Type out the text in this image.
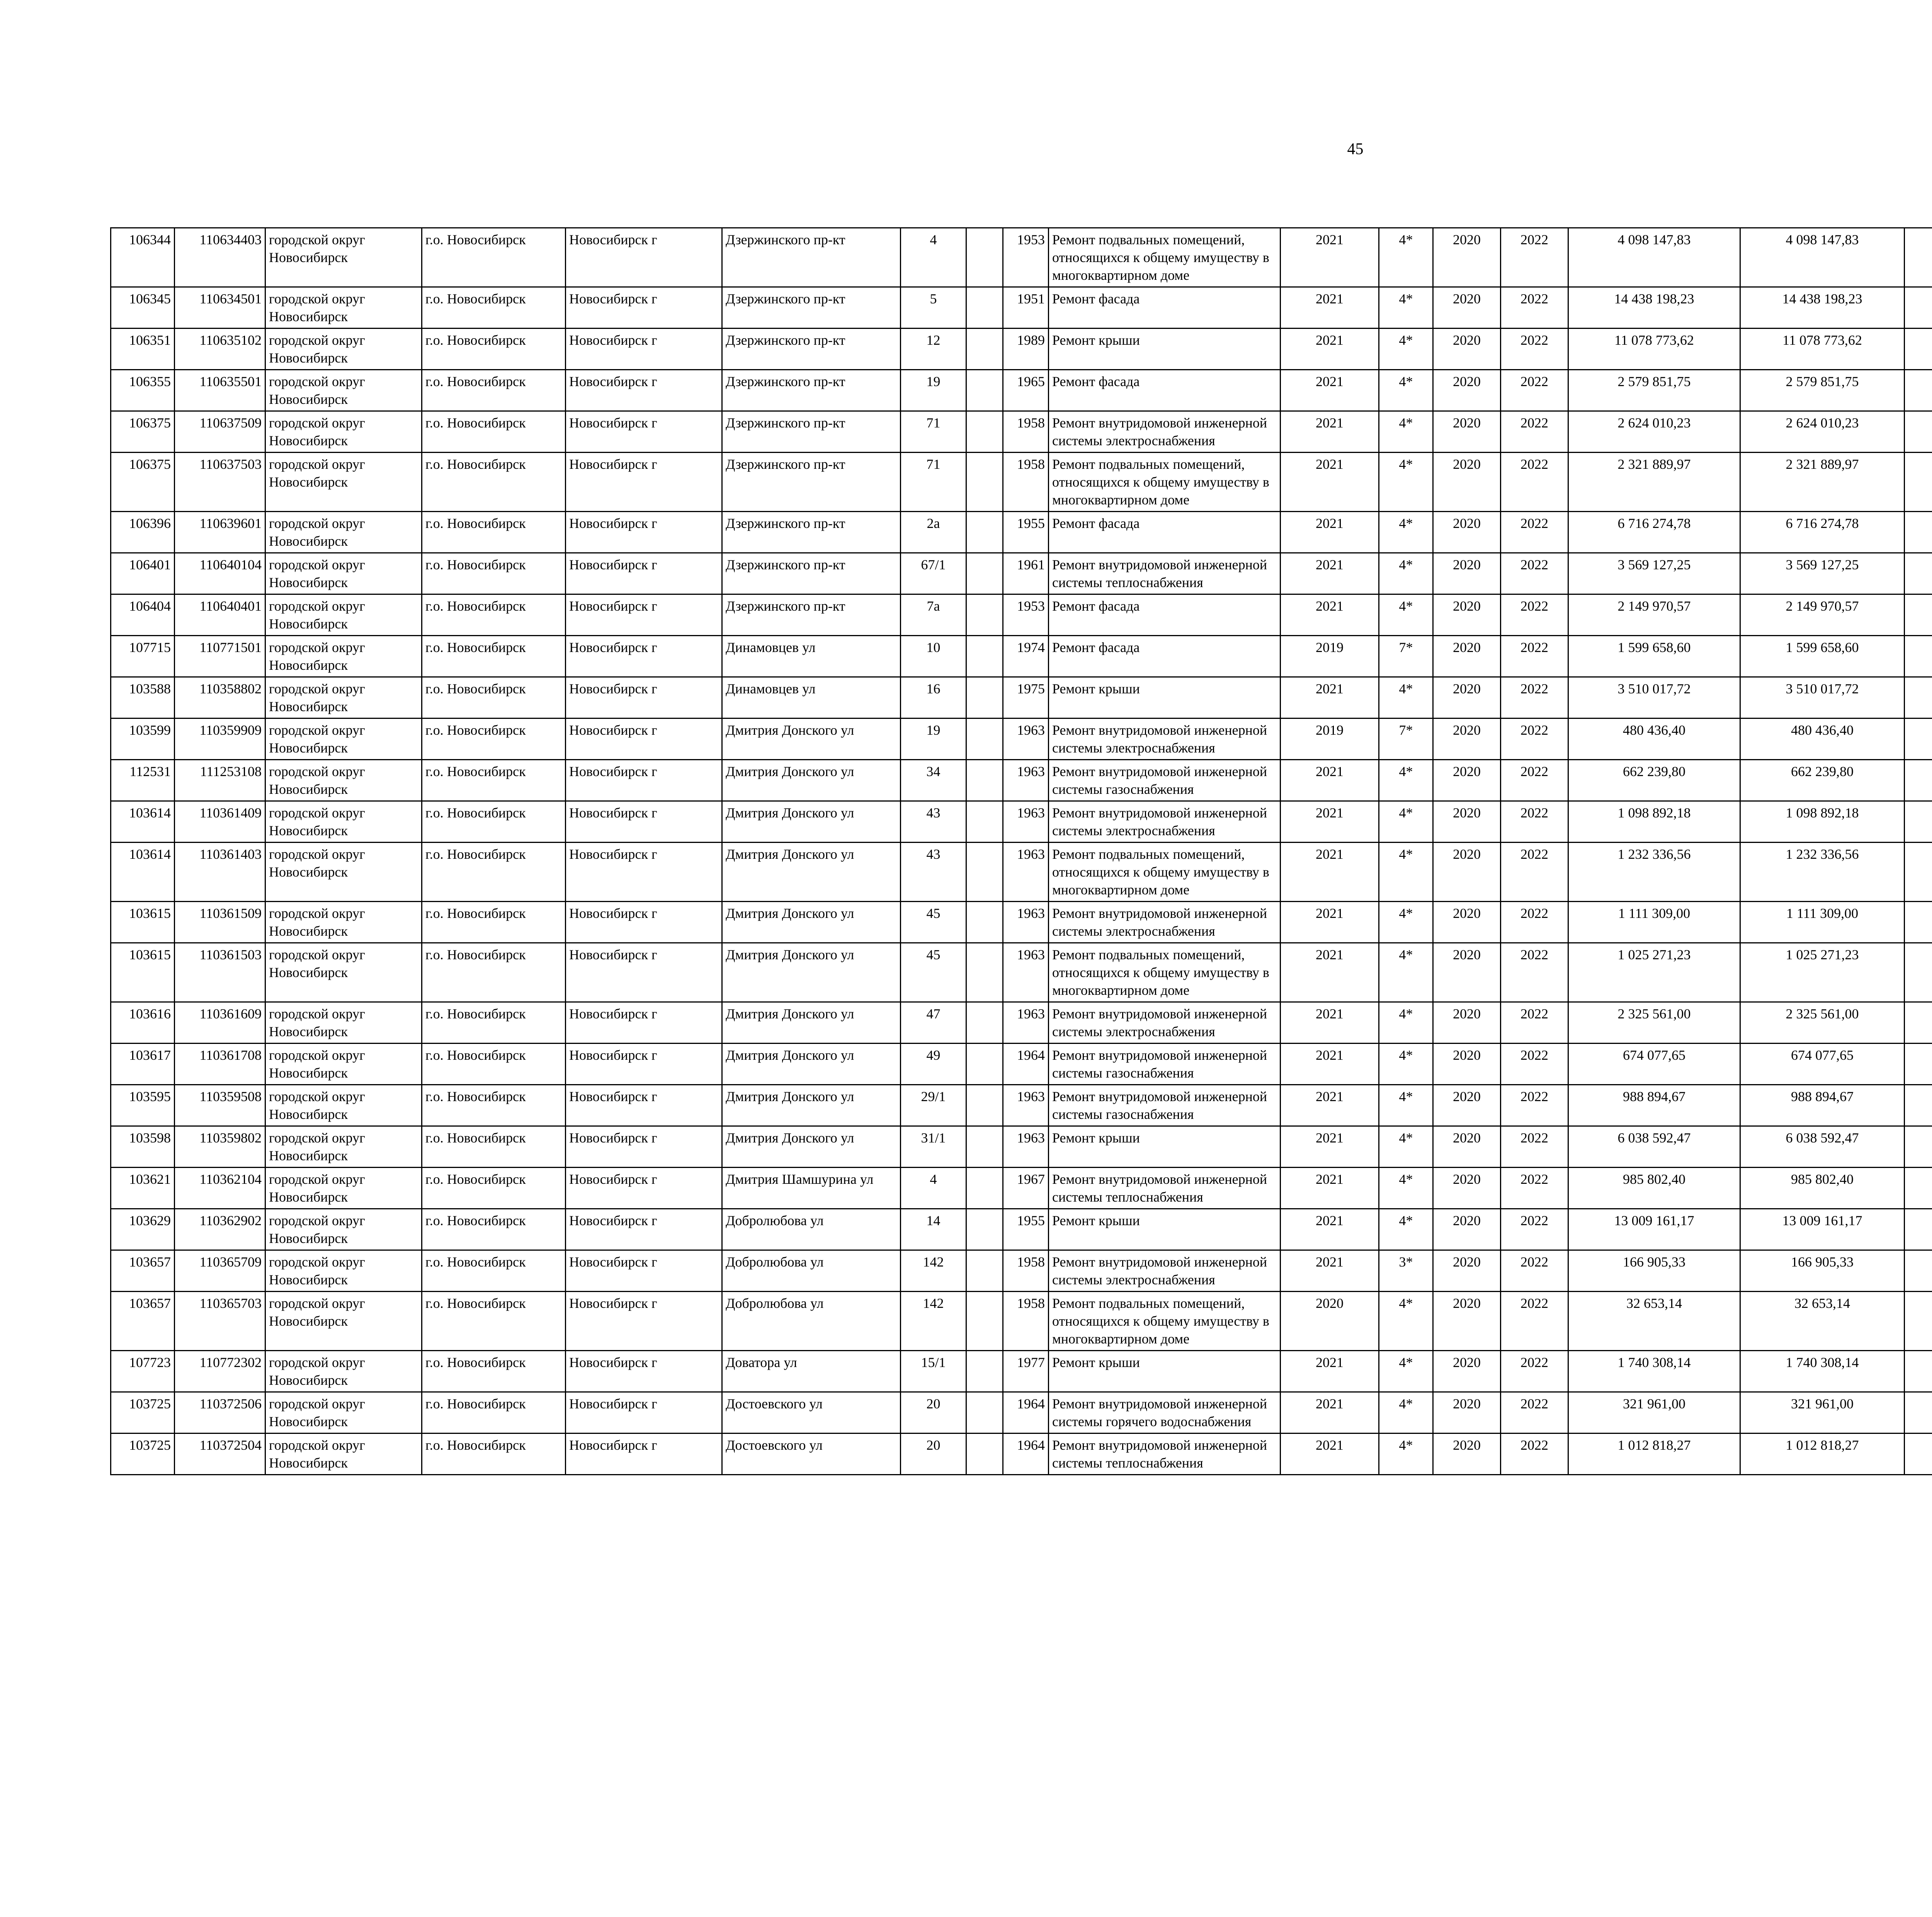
45
106344	110634403	городской округ Новосибирск	г.о. Новосибирск	Новосибирск г	Дзержинского пр-кт	4		1953	Ремонт подвальных помещений, относящихся к общему имуществу в многоквартирном доме	2021	4*	2020	2022	4 098 147,83	4 098 147,83						
106345	110634501	городской округ Новосибирск	г.о. Новосибирск	Новосибирск г	Дзержинского пр-кт	5		1951	Ремонт фасада	2021	4*	2020	2022	14 438 198,23	14 438 198,23						
106351	110635102	городской округ Новосибирск	г.о. Новосибирск	Новосибирск г	Дзержинского пр-кт	12		1989	Ремонт крыши	2021	4*	2020	2022	11 078 773,62	11 078 773,62						
106355	110635501	городской округ Новосибирск	г.о. Новосибирск	Новосибирск г	Дзержинского пр-кт	19		1965	Ремонт фасада	2021	4*	2020	2022	2 579 851,75	2 579 851,75						
106375	110637509	городской округ Новосибирск	г.о. Новосибирск	Новосибирск г	Дзержинского пр-кт	71		1958	Ремонт внутридомовой инженерной системы электроснабжения	2021	4*	2020	2022	2 624 010,23	2 624 010,23						
106375	110637503	городской округ Новосибирск	г.о. Новосибирск	Новосибирск г	Дзержинского пр-кт	71		1958	Ремонт подвальных помещений, относящихся к общему имуществу в многоквартирном доме	2021	4*	2020	2022	2 321 889,97	2 321 889,97						
106396	110639601	городской округ Новосибирск	г.о. Новосибирск	Новосибирск г	Дзержинского пр-кт	2а		1955	Ремонт фасада	2021	4*	2020	2022	6 716 274,78	6 716 274,78						
106401	110640104	городской округ Новосибирск	г.о. Новосибирск	Новосибирск г	Дзержинского пр-кт	67/1		1961	Ремонт внутридомовой инженерной системы теплоснабжения	2021	4*	2020	2022	3 569 127,25	3 569 127,25						
106404	110640401	городской округ Новосибирск	г.о. Новосибирск	Новосибирск г	Дзержинского пр-кт	7а		1953	Ремонт фасада	2021	4*	2020	2022	2 149 970,57	2 149 970,57						
107715	110771501	городской округ Новосибирск	г.о. Новосибирск	Новосибирск г	Динамовцев ул	10		1974	Ремонт фасада	2019	7*	2020	2022	1 599 658,60	1 599 658,60						
103588	110358802	городской округ Новосибирск	г.о. Новосибирск	Новосибирск г	Динамовцев ул	16		1975	Ремонт крыши	2021	4*	2020	2022	3 510 017,72	3 510 017,72						
103599	110359909	городской округ Новосибирск	г.о. Новосибирск	Новосибирск г	Дмитрия Донского ул	19		1963	Ремонт внутридомовой инженерной системы электроснабжения	2019	7*	2020	2022	480 436,40	480 436,40						
112531	111253108	городской округ Новосибирск	г.о. Новосибирск	Новосибирск г	Дмитрия Донского ул	34		1963	Ремонт внутридомовой инженерной системы газоснабжения	2021	4*	2020	2022	662 239,80	662 239,80						
103614	110361409	городской округ Новосибирск	г.о. Новосибирск	Новосибирск г	Дмитрия Донского ул	43		1963	Ремонт внутридомовой инженерной системы электроснабжения	2021	4*	2020	2022	1 098 892,18	1 098 892,18						
103614	110361403	городской округ Новосибирск	г.о. Новосибирск	Новосибирск г	Дмитрия Донского ул	43		1963	Ремонт подвальных помещений, относящихся к общему имуществу в многоквартирном доме	2021	4*	2020	2022	1 232 336,56	1 232 336,56						
103615	110361509	городской округ Новосибирск	г.о. Новосибирск	Новосибирск г	Дмитрия Донского ул	45		1963	Ремонт внутридомовой инженерной системы электроснабжения	2021	4*	2020	2022	1 111 309,00	1 111 309,00						
103615	110361503	городской округ Новосибирск	г.о. Новосибирск	Новосибирск г	Дмитрия Донского ул	45		1963	Ремонт подвальных помещений, относящихся к общему имуществу в многоквартирном доме	2021	4*	2020	2022	1 025 271,23	1 025 271,23						
103616	110361609	городской округ Новосибирск	г.о. Новосибирск	Новосибирск г	Дмитрия Донского ул	47		1963	Ремонт внутридомовой инженерной системы электроснабжения	2021	4*	2020	2022	2 325 561,00	2 325 561,00						
103617	110361708	городской округ Новосибирск	г.о. Новосибирск	Новосибирск г	Дмитрия Донского ул	49		1964	Ремонт внутридомовой инженерной системы газоснабжения	2021	4*	2020	2022	674 077,65	674 077,65						
103595	110359508	городской округ Новосибирск	г.о. Новосибирск	Новосибирск г	Дмитрия Донского ул	29/1		1963	Ремонт внутридомовой инженерной системы газоснабжения	2021	4*	2020	2022	988 894,67	988 894,67						
103598	110359802	городской округ Новосибирск	г.о. Новосибирск	Новосибирск г	Дмитрия Донского ул	31/1		1963	Ремонт крыши	2021	4*	2020	2022	6 038 592,47	6 038 592,47						
103621	110362104	городской округ Новосибирск	г.о. Новосибирск	Новосибирск г	Дмитрия Шамшурина ул	4		1967	Ремонт внутридомовой инженерной системы теплоснабжения	2021	4*	2020	2022	985 802,40	985 802,40						
103629	110362902	городской округ Новосибирск	г.о. Новосибирск	Новосибирск г	Добролюбова ул	14		1955	Ремонт крыши	2021	4*	2020	2022	13 009 161,17	13 009 161,17						
103657	110365709	городской округ Новосибирск	г.о. Новосибирск	Новосибирск г	Добролюбова ул	142		1958	Ремонт внутридомовой инженерной системы электроснабжения	2021	3*	2020	2022	166 905,33	166 905,33						
103657	110365703	городской округ Новосибирск	г.о. Новосибирск	Новосибирск г	Добролюбова ул	142		1958	Ремонт подвальных помещений, относящихся к общему имуществу в многоквартирном доме	2020	4*	2020	2022	32 653,14	32 653,14						
107723	110772302	городской округ Новосибирск	г.о. Новосибирск	Новосибирск г	Доватора ул	15/1		1977	Ремонт крыши	2021	4*	2020	2022	1 740 308,14	1 740 308,14						
103725	110372506	городской округ Новосибирск	г.о. Новосибирск	Новосибирск г	Достоевского ул	20		1964	Ремонт внутридомовой инженерной системы горячего водоснабжения	2021	4*	2020	2022	321 961,00	321 961,00						
103725	110372504	городской округ Новосибирск	г.о. Новосибирск	Новосибирск г	Достоевского ул	20		1964	Ремонт внутридомовой инженерной системы теплоснабжения	2021	4*	2020	2022	1 012 818,27	1 012 818,27						
